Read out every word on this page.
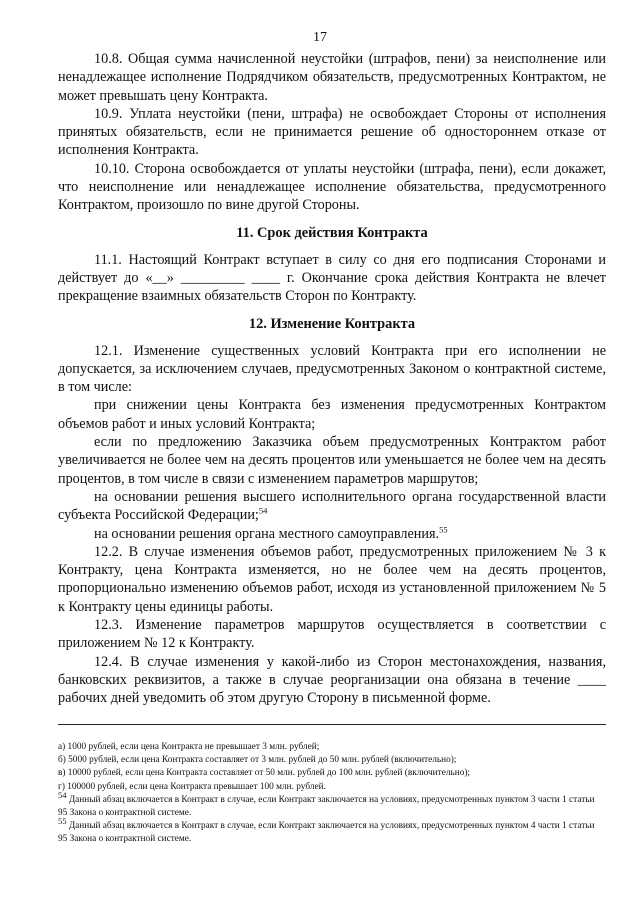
17

10.8. Общая сумма начисленной неустойки (штрафов, пени) за неисполнение или ненадлежащее исполнение Подрядчиком обязательств, предусмотренных Контрактом, не может превышать цену Контракта.

10.9. Уплата неустойки (пени, штрафа) не освобождает Стороны от исполнения принятых обязательств, если не принимается решение об одностороннем отказе от исполнения Контракта.

10.10. Сторона освобождается от уплаты неустойки (штрафа, пени), если докажет, что неисполнение или ненадлежащее исполнение обязательства, предусмотренного Контрактом, произошло по вине другой Стороны.

11. Срок действия Контракта

11.1. Настоящий Контракт вступает в силу со дня его подписания Сторонами и действует до «__» _________ ____ г. Окончание срока действия Контракта не влечет прекращение взаимных обязательств Сторон по Контракту.

12. Изменение Контракта

12.1. Изменение существенных условий Контракта при его исполнении не допускается, за исключением случаев, предусмотренных Законом о контрактной системе, в том числе:

при снижении цены Контракта без изменения предусмотренных Контрактом объемов работ и иных условий Контракта;

если по предложению Заказчика объем предусмотренных Контрактом работ увеличивается не более чем на десять процентов или уменьшается не более чем на десять процентов, в том числе в связи с изменением параметров маршрутов;

на основании решения высшего исполнительного органа государственной власти субъекта Российской Федерации;$^{54}$

на основании решения органа местного самоуправления.$^{55}$

12.2. В случае изменения объемов работ, предусмотренных приложением № 3 к Контракту, цена Контракта изменяется, но не более чем на десять процентов, пропорционально изменению объемов работ, исходя из установленной приложением № 5 к Контракту цены единицы работы.

12.3. Изменение параметров маршрутов осуществляется в соответствии с приложением № 12 к Контракту.

12.4. В случае изменения у какой-либо из Сторон местонахождения, названия, банковских реквизитов, а также в случае реорганизации она обязана в течение ____ рабочих дней уведомить об этом другую Сторону в письменной форме.

а) 1000 рублей, если цена Контракта не превышает 3 млн. рублей;
б) 5000 рублей, если цена Контракта составляет от 3 млн. рублей до 50 млн. рублей (включительно);
в) 10000 рублей, если цена Контракта составляет от 50 млн. рублей до 100 млн. рублей (включительно);
г) 100000 рублей, если цена Контракта превышает 100 млн. рублей.
$^{54}$ Данный абзац включается в Контракт в случае, если Контракт заключается на условиях, предусмотренных пунктом 3 части 1 статьи 95 Закона о контрактной системе.
$^{55}$ Данный абзац включается в Контракт в случае, если Контракт заключается на условиях, предусмотренных пунктом 4 части 1 статьи 95 Закона о контрактной системе.
